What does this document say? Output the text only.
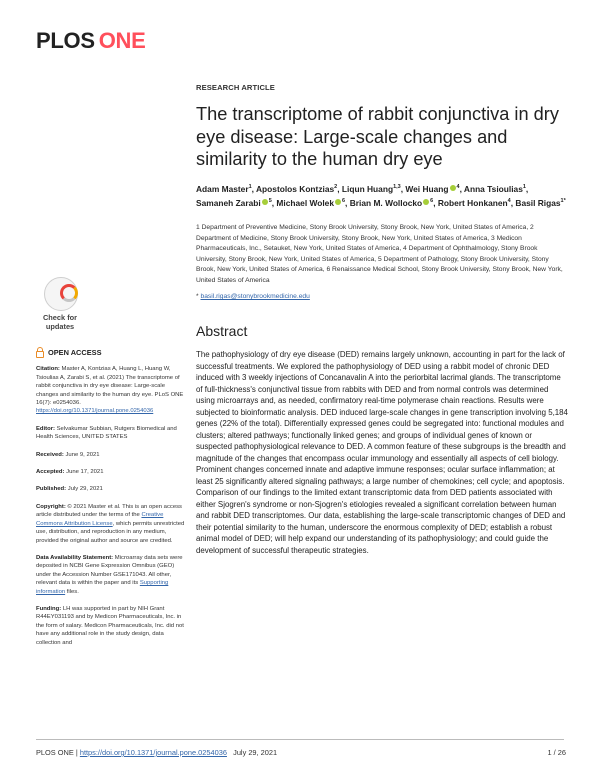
PLOS ONE
RESEARCH ARTICLE
The transcriptome of rabbit conjunctiva in dry eye disease: Large-scale changes and similarity to the human dry eye
Adam Master$^1$, Apostolos Kontzias$^2$, Liqun Huang$^{1,3}$, Wei Huang $^4$, Anna Tsioulias$^1$, Samaneh Zarabi $^5$, Michael Wolek $^6$, Brian M. Wollocko $^6$, Robert Honkanen$^4$, Basil Rigas$^{1*}$
1 Department of Preventive Medicine, Stony Brook University, Stony Brook, New York, United States of America, 2 Department of Medicine, Stony Brook University, Stony Brook, New York, United States of America, 3 Medicon Pharmaceuticals, Inc., Setauket, New York, United States of America, 4 Department of Ophthalmology, Stony Brook University, Stony Brook, New York, United States of America, 5 Department of Pathology, Stony Brook University, Stony Brook, New York, United States of America, 6 Renaissance Medical School, Stony Brook University, Stony Brook, New York, United States of America
* basil.rigas@stonybrookmedicine.edu
Check for
updates	Abstract

The pathophysiology of dry eye disease (DED) remains largely unknown, accounting in part for the lack of successful treatments. We explored the pathophysiology of DED using a rabbit model of chronic DED induced with 3 weekly injections of Concanavalin A into the periorbital lacrimal glands. The transcriptome of full-thickness's conjunctival tissue from rabbits with DED and from normal controls was determined using microarrays and, as needed, confirmatory real-time polymerase chain reactions. Results were subjected to bioinformatic analysis. DED induced large-scale changes in gene transcription involving 5,184 genes (22% of the total). Differentially expressed genes could be segregated into: functional modules and clusters; altered pathways; functionally linked genes; and groups of individual genes of known or suspected pathophysiological relevance to DED. A common feature of these subgroups is the breadth and magnitude of the changes that encompass ocular immunology and essentially all aspects of cell biology. Prominent changes concerned innate and adaptive immune responses; ocular surface inflammation; at least 25 significantly altered signaling pathways; a large number of chemokines; cell cycle; and apoptosis. Comparison of our findings to the limited extant transcriptomic data from DED patients associated with either Sjogren's syndrome or non-Sjogren's etiologies revealed a significant correlation between human and rabbit DED transcriptomes. Our data, establishing the large-scale transcriptomic changes of DED and their potential similarity to the human, underscore the enormous complexity of DED; establish a robust animal model of DED; will help expand our understanding of its pathophysiology; and could guide the development of successful therapeutic strategies.

OPEN ACCESS
Citation: Master A, Kontzias A, Huang L, Huang W, Tsioulias A, Zarabi S, et al. (2021) The transcriptome of rabbit conjunctiva in dry eye disease: Large-scale changes and similarity to the human dry eye. PLoS ONE 16(7): e0254036. https://doi.org/10.1371/journal.pone.0254036
Editor: Selvakumar Subbian, Rutgers Biomedical and Health Sciences, UNITED STATES
Received: June 9, 2021
Accepted: June 17, 2021
Published: July 29, 2021
Copyright: © 2021 Master et al. This is an open access article distributed under the terms of the Creative Commons Attribution License, which permits unrestricted use, distribution, and reproduction in any medium, provided the original author and source are credited.
Data Availability Statement: Microarray data sets were deposited in NCBI Gene Expression Omnibus (GEO) under the Accession Number GSE171043. All other, relevant data is within the paper and its Supporting information files.
Funding: LH was supported in part by NIH Grant R44EY031193 and by Medicon Pharmaceuticals, Inc. in the form of salary. Medicon Pharmaceuticals, Inc. did not have any additional role in the study design, data collection and
PLOS ONE | https://doi.org/10.1371/journal.pone.0254036 July 29, 2021	1 / 26
